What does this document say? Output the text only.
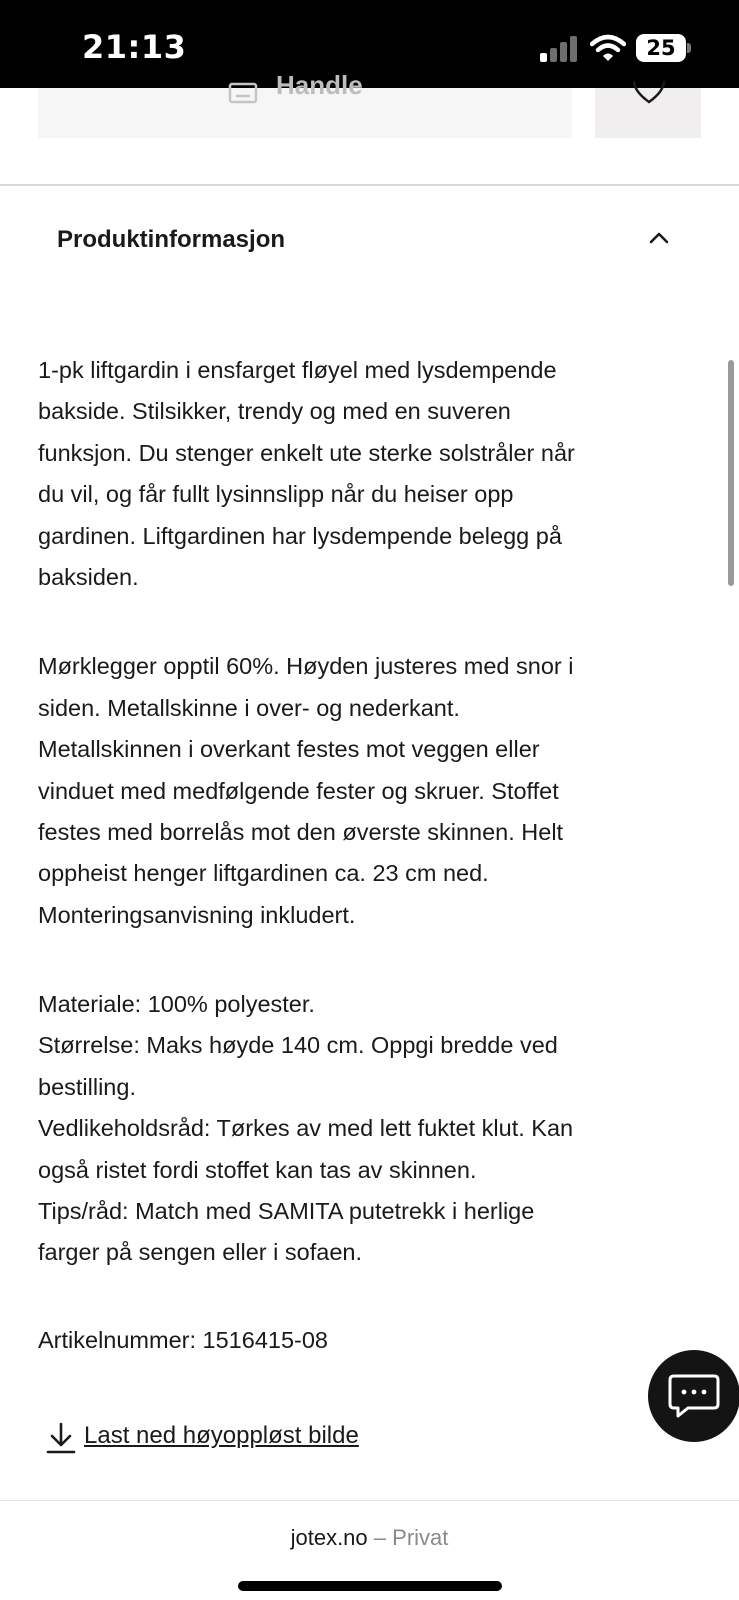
21:13	25
Handle
Produktinformasjon
1-pk liftgardin i ensfarget fløyel med lysdempende
bakside. Stilsikker, trendy og med en suveren
funksjon. Du stenger enkelt ute sterke solstråler når
du vil, og får fullt lysinnslipp når du heiser opp
gardinen. Liftgardinen har lysdempende belegg på
baksiden.
Mørklegger opptil 60%. Høyden justeres med snor i
siden. Metallskinne i over- og nederkant.
Metallskinnen i overkant festes mot veggen eller
vinduet med medfølgende fester og skruer. Stoffet
festes med borrelås mot den øverste skinnen. Helt
oppheist henger liftgardinen ca. 23 cm ned.
Monteringsanvisning inkludert.
Materiale: 100% polyester.
Størrelse: Maks høyde 140 cm. Oppgi bredde ved
bestilling.
Vedlikeholdsråd: Tørkes av med lett fuktet klut. Kan
også ristet fordi stoffet kan tas av skinnen.
Tips/råd: Match med SAMITA putetrekk i herlige
farger på sengen eller i sofaen.
Artikelnummer: 1516415-08
Last ned høyoppløst bilde
jotex.no – Privat
